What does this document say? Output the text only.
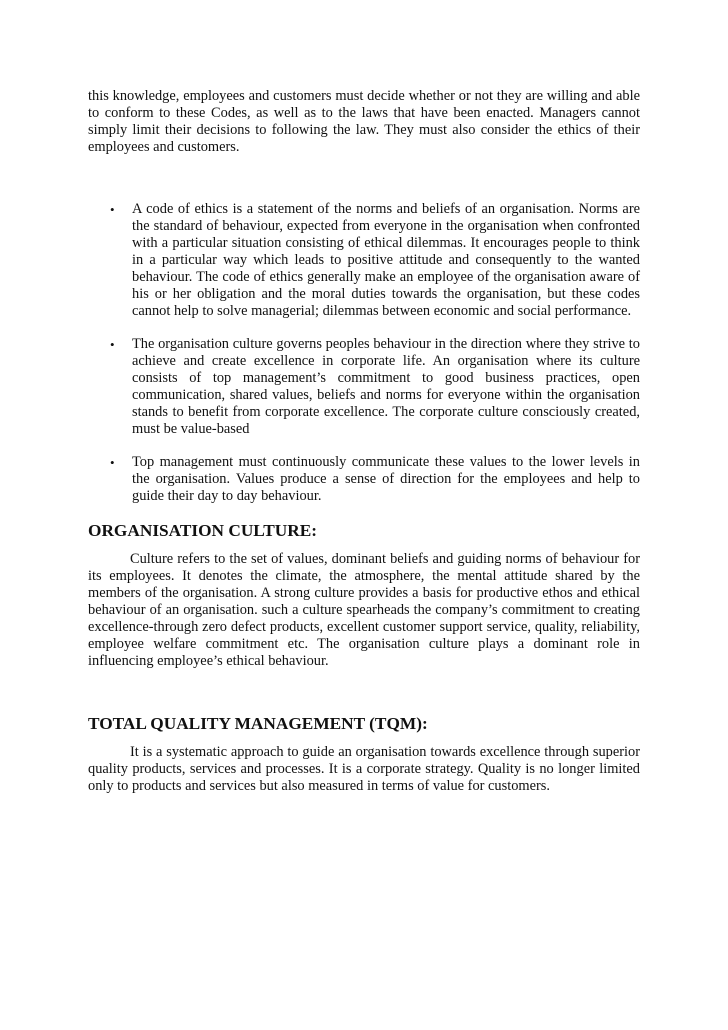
this knowledge, employees and customers must decide whether or not they are willing and able to conform to these Codes, as well as to the laws that have been enacted. Managers cannot simply limit their decisions to following the law. They must also consider the ethics of their employees and customers.

• A code of ethics is a statement of the norms and beliefs of an organisation. Norms are the standard of behaviour, expected from everyone in the organisation when confronted with a particular situation consisting of ethical dilemmas. It encourages people to think in a particular way which leads to positive attitude and consequently to the wanted behaviour. The code of ethics generally make an employee of the organisation aware of his or her obligation and the moral duties towards the organisation, but these codes cannot help to solve managerial; dilemmas between economic and social performance.
• The organisation culture governs peoples behaviour in the direction where they strive to achieve and create excellence in corporate life. An organisation where its culture consists of top management’s commitment to good business practices, open communication, shared values, beliefs and norms for everyone within the organisation stands to benefit from corporate excellence. The corporate culture consciously created, must be value-based
• Top management must continuously communicate these values to the lower levels in the organisation. Values produce a sense of direction for the employees and help to guide their day to day behaviour.
ORGANISATION CULTURE:

Culture refers to the set of values, dominant beliefs and guiding norms of behaviour for its employees. It denotes the climate, the atmosphere, the mental attitude shared by the members of the organisation. A strong culture provides a basis for productive ethos and ethical behaviour of an organisation. such a culture spearheads the company’s commitment to creating excellence-through zero defect products, excellent customer support service, quality, reliability, employee welfare commitment etc. The organisation culture plays a dominant role in influencing employee’s ethical behaviour.

TOTAL QUALITY MANAGEMENT (TQM):

It is a systematic approach to guide an organisation towards excellence through superior quality products, services and processes. It is a corporate strategy. Quality is no longer limited only to products and services but also measured in terms of value for customers.
